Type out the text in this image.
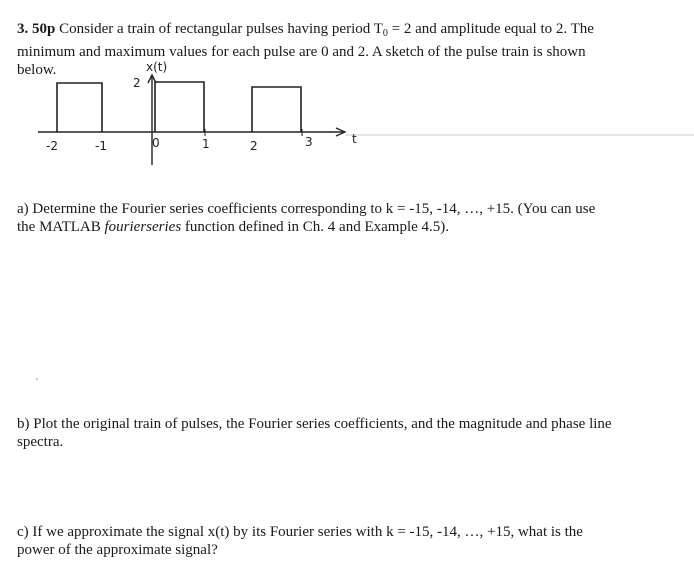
3. 50p Consider a train of rectangular pulses having period $T_0 = 2$ and amplitude equal to 2. The
minimum and maximum values for each pulse are 0 and 2. A sketch of the pulse train is shown
below.	x(t)
2
t
-2	-1	0	1	2	3
a) Determine the Fourier series coefficients corresponding to k = -15, -14, …, +15. (You can use
the MATLAB fourierseries function defined in Ch. 4 and Example 4.5).
b) Plot the original train of pulses, the Fourier series coefficients, and the magnitude and phase line
spectra.
c) If we approximate the signal x(t) by its Fourier series with k = -15, -14, …, +15, what is the
power of the approximate signal?
